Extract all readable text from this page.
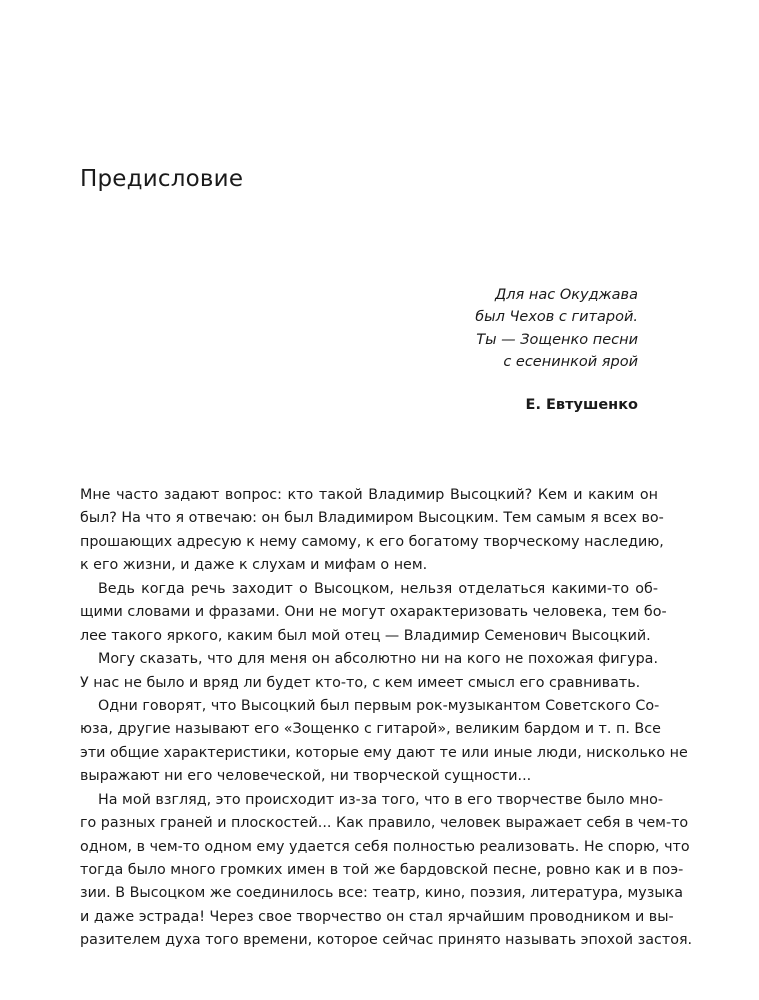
Предисловие
Для нас Окуджава
был Чехов с гитарой.
Ты — Зощенко песни
с есенинкой ярой
Е. Евтушенко
Мне часто задают вопрос: кто такой Владимир Высоцкий? Кем и каким он
был? На что я отвечаю: он был Владимиром Высоцким. Тем самым я всех во-
прошающих адресую к нему самому, к его богатому творческому наследию,
к его жизни, и даже к слухам и мифам о нем.
Ведь когда речь заходит о Высоцком, нельзя отделаться какими-то об-
щими словами и фразами. Они не могут охарактеризовать человека, тем бо-
лее такого яркого, каким был мой отец — Владимир Семенович Высоцкий.
Могу сказать, что для меня он абсолютно ни на кого не похожая фигура.
У нас не было и вряд ли будет кто-то, с кем имеет смысл его сравнивать.
Одни говорят, что Высоцкий был первым рок-музыкантом Советского Со-
юза, другие называют его «Зощенко с гитарой», великим бардом и т. п. Все
эти общие характеристики, которые ему дают те или иные люди, нисколько не
выражают ни его человеческой, ни творческой сущности...
На мой взгляд, это происходит из-за того, что в его творчестве было мно-
го разных граней и плоскостей... Как правило, человек выражает себя в чем-то
одном, в чем-то одном ему удается себя полностью реализовать. Не спорю, что
тогда было много громких имен в той же бардовской песне, ровно как и в поэ-
зии. В Высоцком же соединилось все: театр, кино, поэзия, литература, музыка
и даже эстрада! Через свое творчество он стал ярчайшим проводником и вы-
разителем духа того времени, которое сейчас принято называть эпохой застоя.
